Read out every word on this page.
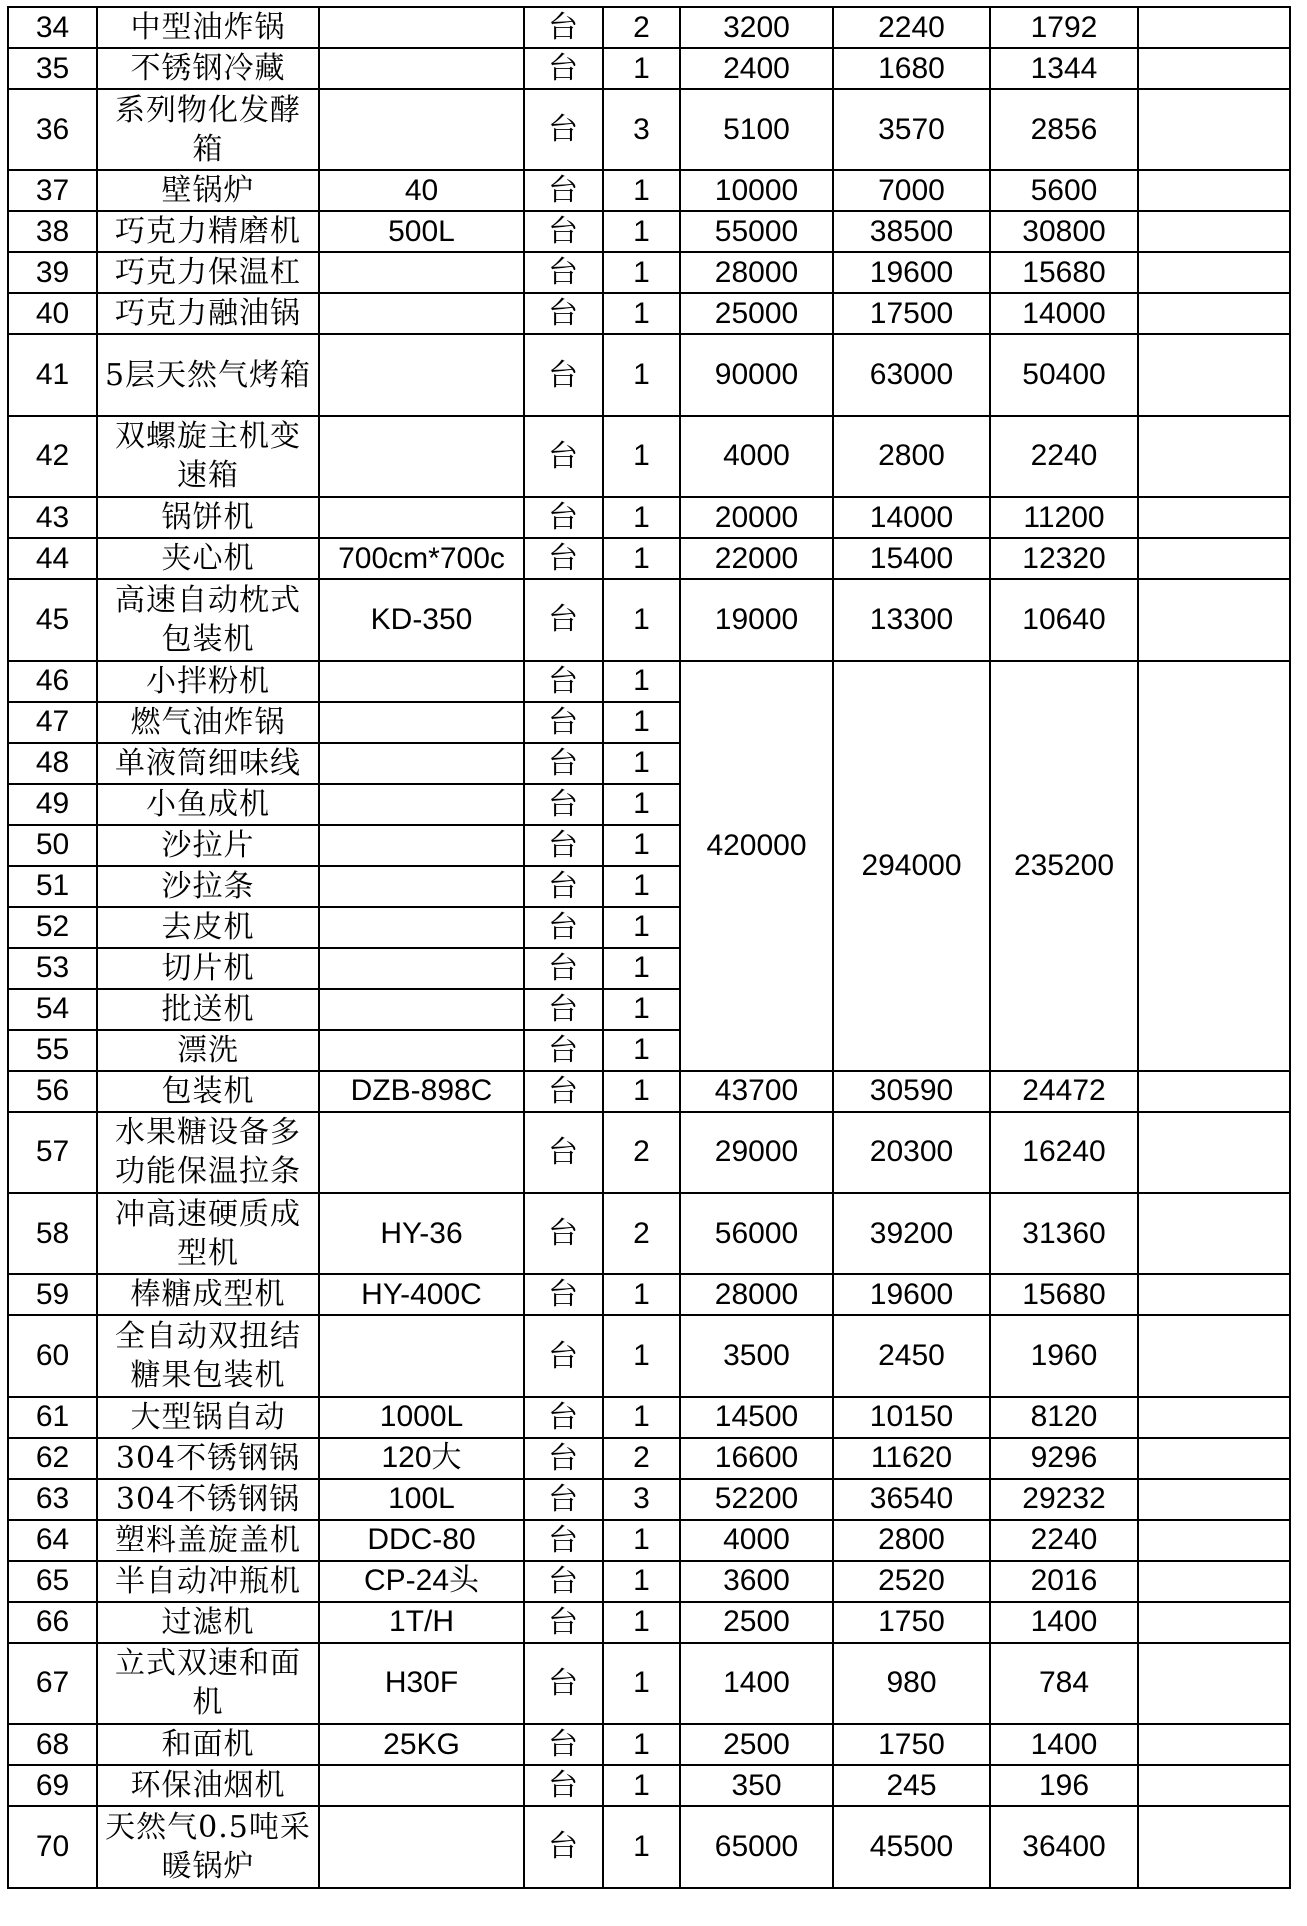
34	中型油炸锅		台	2	3200	2240	1792	
35	不锈钢冷藏		台	1	2400	1680	1344	
36	系列物化发酵箱		台	3	5100	3570	2856	
37	壁锅炉	40	台	1	10000	7000	5600	
38	巧克力精磨机	500L	台	1	55000	38500	30800	
39	巧克力保温杠		台	1	28000	19600	15680	
40	巧克力融油锅		台	1	25000	17500	14000	
41	5层天然气烤箱		台	1	90000	63000	50400	
42	双螺旋主机变速箱		台	1	4000	2800	2240	
43	锅饼机		台	1	20000	14000	11200	
44	夹心机	700cm*700c	台	1	22000	15400	12320	
45	高速自动枕式包装机	KD-350	台	1	19000	13300	10640	
46	小拌粉机		台	1	420000	294000	235200	
47	燃气油炸锅		台	1				
48	单液筒细味线		台	1				
49	小鱼成机		台	1				
50	沙拉片		台	1				
51	沙拉条		台	1				
52	去皮机		台	1				
53	切片机		台	1				
54	批送机		台	1				
55	漂洗		台	1				
56	包装机	DZB-898C	台	1	43700	30590	24472	
57	水果糖设备多功能保温拉条		台	2	29000	20300	16240	
58	冲高速硬质成型机	HY-36	台	2	56000	39200	31360	
59	棒糖成型机	HY-400C	台	1	28000	19600	15680	
60	全自动双扭结糖果包装机		台	1	3500	2450	1960	
61	大型锅自动	1000L	台	1	14500	10150	8120	
62	304不锈钢锅	120大	台	2	16600	11620	9296	
63	304不锈钢锅	100L	台	3	52200	36540	29232	
64	塑料盖旋盖机	DDC-80	台	1	4000	2800	2240	
65	半自动冲瓶机	CP-24头	台	1	3600	2520	2016	
66	过滤机	1T/H	台	1	2500	1750	1400	
67	立式双速和面机	H30F	台	1	1400	980	784	
68	和面机	25KG	台	1	2500	1750	1400	
69	环保油烟机		台	1	350	245	196	
70	天然气0.5吨采暖锅炉		台	1	65000	45500	36400	
